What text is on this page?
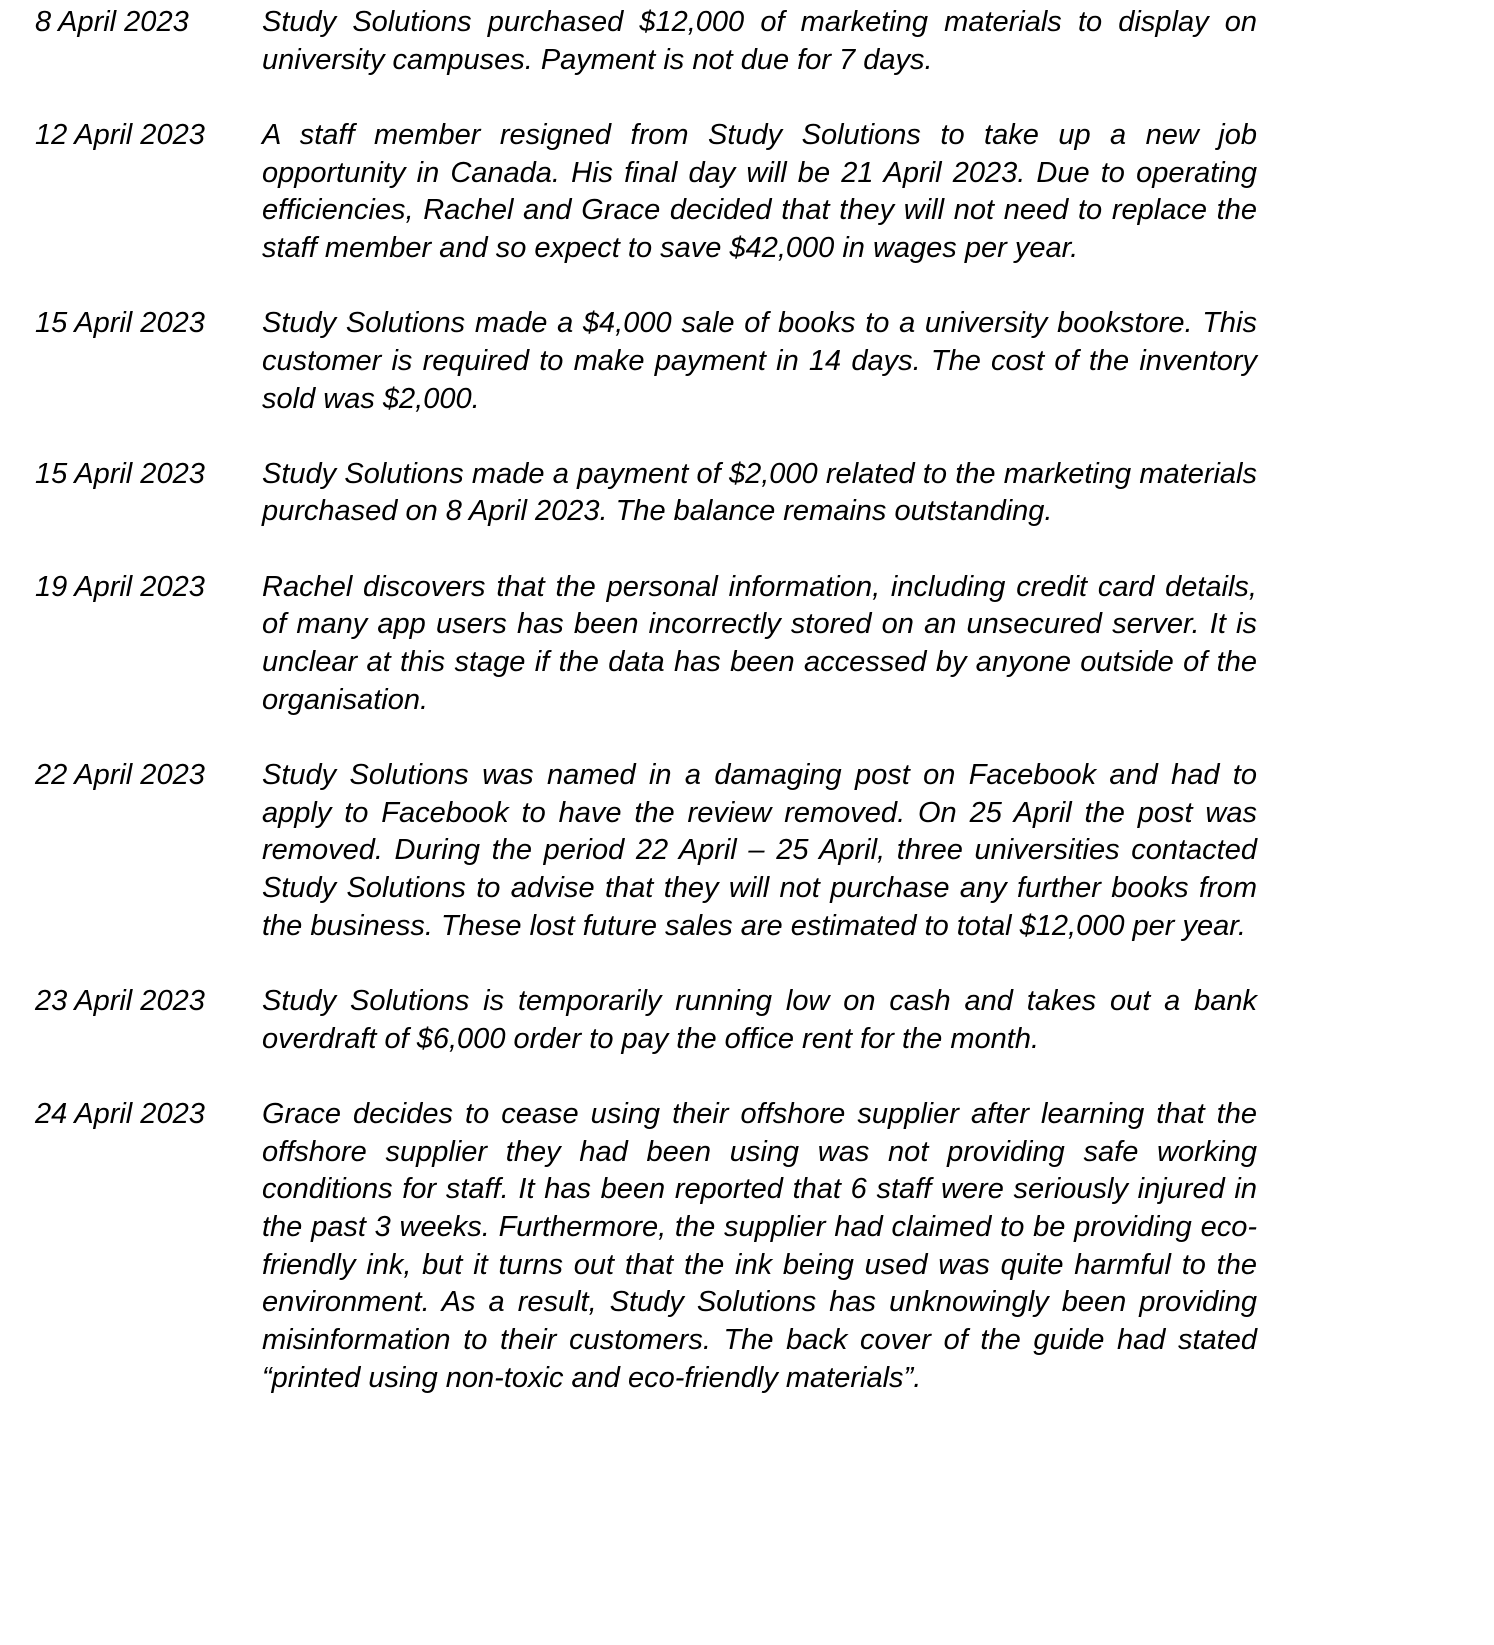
8 April 2023	Study Solutions purchased $12,000 of marketing materials to display on university campuses. Payment is not due for 7 days.
12 April 2023	A staff member resigned from Study Solutions to take up a new job opportunity in Canada. His final day will be 21 April 2023. Due to operating efficiencies, Rachel and Grace decided that they will not need to replace the staff member and so expect to save $42,000 in wages per year.
15 April 2023	Study Solutions made a $4,000 sale of books to a university bookstore. This customer is required to make payment in 14 days. The cost of the inventory sold was $2,000.
15 April 2023	Study Solutions made a payment of $2,000 related to the marketing materials purchased on 8 April 2023. The balance remains outstanding.
19 April 2023	Rachel discovers that the personal information, including credit card details, of many app users has been incorrectly stored on an unsecured server. It is unclear at this stage if the data has been accessed by anyone outside of the organisation.
22 April 2023	Study Solutions was named in a damaging post on Facebook and had to apply to Facebook to have the review removed. On 25 April the post was removed. During the period 22 April – 25 April, three universities contacted Study Solutions to advise that they will not purchase any further books from the business. These lost future sales are estimated to total $12,000 per year.
23 April 2023	Study Solutions is temporarily running low on cash and takes out a bank overdraft of $6,000 order to pay the office rent for the month.
24 April 2023	Grace decides to cease using their offshore supplier after learning that the offshore supplier they had been using was not providing safe working conditions for staff. It has been reported that 6 staff were seriously injured in the past 3 weeks. Furthermore, the supplier had claimed to be providing eco-friendly ink, but it turns out that the ink being used was quite harmful to the environment. As a result, Study Solutions has unknowingly been providing misinformation to their customers. The back cover of the guide had stated “printed using non-toxic and eco-friendly materials”.
